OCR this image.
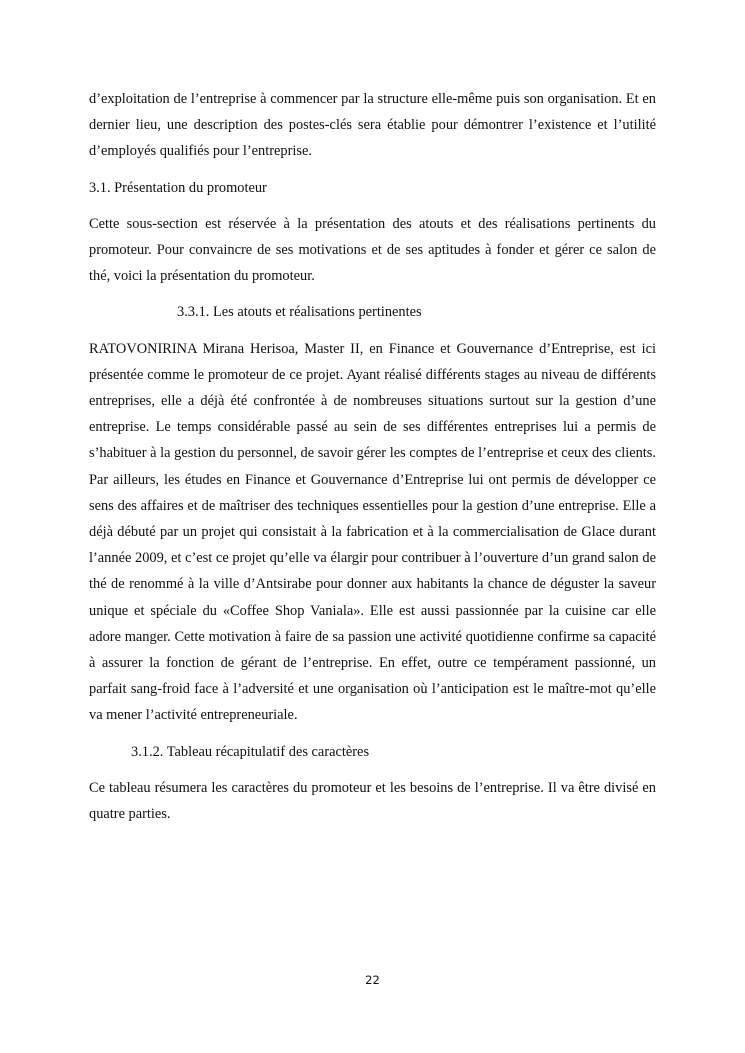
d’exploitation de l’entreprise à commencer par la structure elle-même puis son organisation. Et en dernier lieu, une description des postes-clés sera établie pour démontrer l’existence et l’utilité d’employés qualifiés pour l’entreprise.

3.1. Présentation du promoteur

Cette sous-section est réservée à la présentation des atouts et des réalisations pertinents du promoteur. Pour convaincre de ses motivations et de ses aptitudes à fonder et gérer ce salon de thé, voici la présentation du promoteur.

3.3.1. Les atouts et réalisations pertinentes

RATOVONIRINA Mirana Herisoa, Master II, en Finance et Gouvernance d’Entreprise, est ici présentée comme le promoteur de ce projet. Ayant réalisé différents stages au niveau de différents entreprises, elle a déjà été confrontée à de nombreuses situations surtout sur la gestion d’une entreprise. Le temps considérable passé au sein de ses différentes entreprises lui a permis de s’habituer à la gestion du personnel, de savoir gérer les comptes de l’entreprise et ceux des clients. Par ailleurs, les études en Finance et Gouvernance d’Entreprise lui ont permis de développer ce sens des affaires et de maîtriser des techniques essentielles pour la gestion d’une entreprise. Elle a déjà débuté par un projet qui consistait à la fabrication et à la commercialisation de Glace durant l’année 2009, et c’est ce projet qu’elle va élargir pour contribuer à l’ouverture d’un grand salon de thé de renommé à la ville d’Antsirabe pour donner aux habitants la chance de déguster la saveur unique et spéciale du «Coffee Shop Vaniala». Elle est aussi passionnée par la cuisine car elle adore manger. Cette motivation à faire de sa passion une activité quotidienne confirme sa capacité à assurer la fonction de gérant de l’entreprise. En effet, outre ce tempérament passionné, un parfait sang-froid face à l’adversité et une organisation où l’anticipation est le maître-mot qu’elle va mener l’activité entrepreneuriale.

3.1.2. Tableau récapitulatif des caractères

Ce tableau résumera les caractères du promoteur et les besoins de l’entreprise. Il va être divisé en quatre parties.

22
